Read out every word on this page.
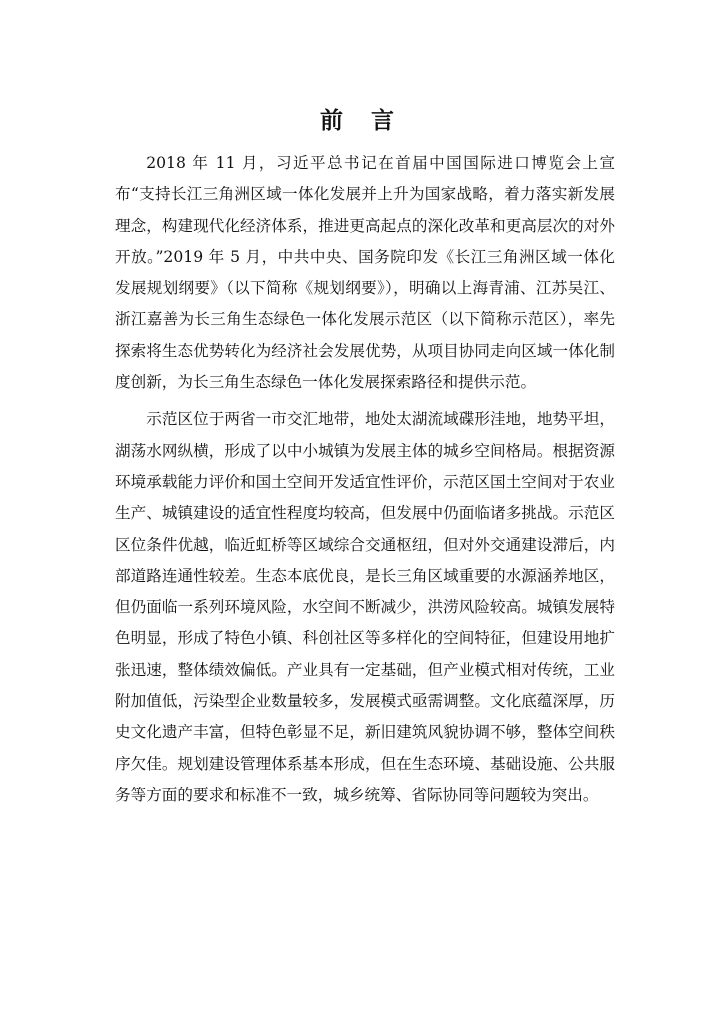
前 言

2018 年 11 月，习近平总书记在首届中国国际进口博览会上宣布“支持长江三角洲区域一体化发展并上升为国家战略，着力落实新发展理念，构建现代化经济体系，推进更高起点的深化改革和更高层次的对外开放。”2019 年 5 月，中共中央、国务院印发《长江三角洲区域一体化发展规划纲要》（以下简称《规划纲要》），明确以上海青浦、江苏吴江、浙江嘉善为长三角生态绿色一体化发展示范区（以下简称示范区），率先探索将生态优势转化为经济社会发展优势，从项目协同走向区域一体化制度创新，为长三角生态绿色一体化发展探索路径和提供示范。

示范区位于两省一市交汇地带，地处太湖流域碟形洼地，地势平坦，湖荡水网纵横，形成了以中小城镇为发展主体的城乡空间格局。根据资源环境承载能力评价和国土空间开发适宜性评价，示范区国土空间对于农业生产、城镇建设的适宜性程度均较高，但发展中仍面临诸多挑战。示范区区位条件优越，临近虹桥等区域综合交通枢纽，但对外交通建设滞后，内部道路连通性较差。生态本底优良，是长三角区域重要的水源涵养地区，但仍面临一系列环境风险，水空间不断减少，洪涝风险较高。城镇发展特色明显，形成了特色小镇、科创社区等多样化的空间特征，但建设用地扩张迅速，整体绩效偏低。产业具有一定基础，但产业模式相对传统，工业附加值低，污染型企业数量较多，发展模式亟需调整。文化底蕴深厚，历史文化遗产丰富，但特色彰显不足，新旧建筑风貌协调不够，整体空间秩序欠佳。规划建设管理体系基本形成，但在生态环境、基础设施、公共服务等方面的要求和标准不一致，城乡统筹、省际协同等问题较为突出。
